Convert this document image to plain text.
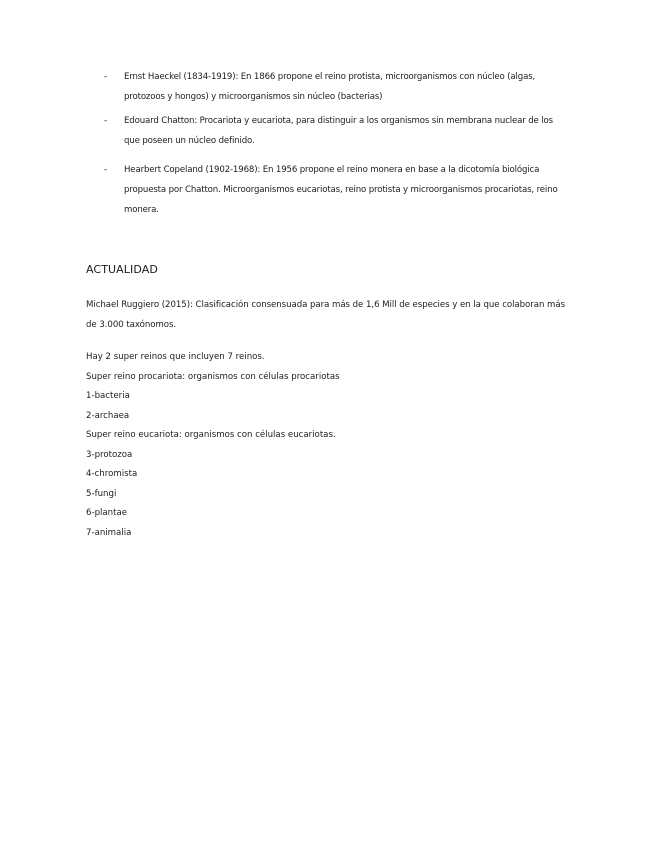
- Ernst Haeckel (1834-1919): En 1866 propone el reino protista, microorganismos con núcleo (algas, protozoos y hongos) y microorganismos sin núcleo (bacterias)
- Edouard Chatton: Procariota y eucariota, para distinguir a los organismos sin membrana nuclear de los que poseen un núcleo definido.
- Hearbert Copeland (1902-1968): En 1956 propone el reino monera en base a la dicotomía biológica propuesta por Chatton. Microorganismos eucariotas, reino protista y microorganismos procariotas, reino monera.
ACTUALIDAD
Michael Ruggiero (2015): Clasificación consensuada para más de 1,6 Mill de especies y en la que colaboran más de 3.000 taxónomos.
Hay 2 super reinos que incluyen 7 reinos.
Super reino procariota: organismos con células procariotas
1-bacteria
2-archaea
Super reino eucariota: organismos con células eucariotas.
3-protozoa
4-chromista
5-fungi
6-plantae
7-animalia
